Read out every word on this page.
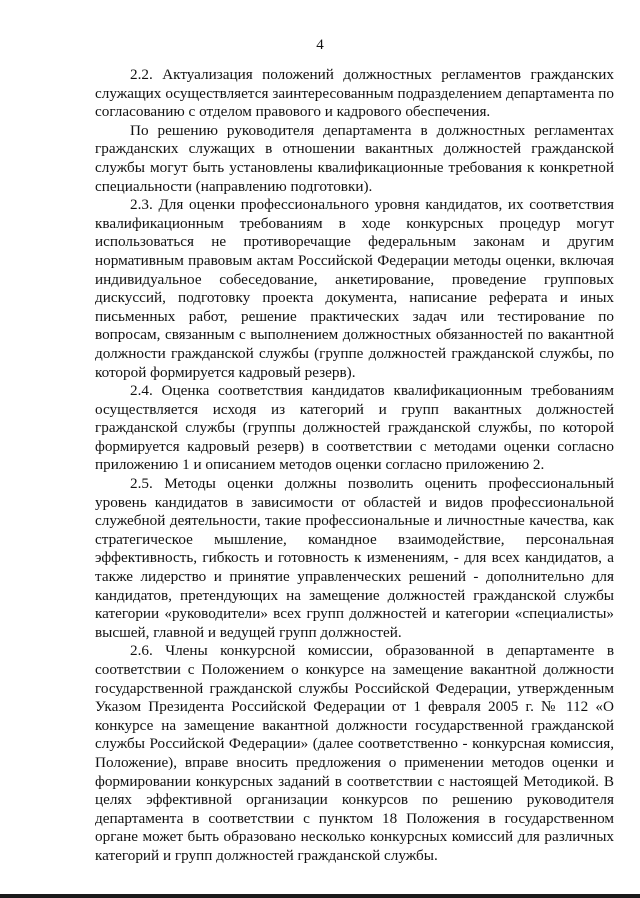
4

2.2. Актуализация положений должностных регламентов гражданских служащих осуществляется заинтересованным подразделением департамента по согласованию с отделом правового и кадрового обеспечения.

По решению руководителя департамента в должностных регламентах гражданских служащих в отношении вакантных должностей гражданской службы могут быть установлены квалификационные требования к конкретной специальности (направлению подготовки).

2.3. Для оценки профессионального уровня кандидатов, их соответствия квалификационным требованиям в ходе конкурсных процедур могут использоваться не противоречащие федеральным законам и другим нормативным правовым актам Российской Федерации методы оценки, включая индивидуальное собеседование, анкетирование, проведение групповых дискуссий, подготовку проекта документа, написание реферата и иных письменных работ, решение практических задач или тестирование по вопросам, связанным с выполнением должностных обязанностей по вакантной должности гражданской службы (группе должностей гражданской службы, по которой формируется кадровый резерв).

2.4. Оценка соответствия кандидатов квалификационным требованиям осуществляется исходя из категорий и групп вакантных должностей гражданской службы (группы должностей гражданской службы, по которой формируется кадровый резерв) в соответствии с методами оценки согласно приложению 1 и описанием методов оценки согласно приложению 2.

2.5. Методы оценки должны позволить оценить профессиональный уровень кандидатов в зависимости от областей и видов профессиональной служебной деятельности, такие профессиональные и личностные качества, как стратегическое мышление, командное взаимодействие, персональная эффективность, гибкость и готовность к изменениям, - для всех кандидатов, а также лидерство и принятие управленческих решений - дополнительно для кандидатов, претендующих на замещение должностей гражданской службы категории «руководители» всех групп должностей и категории «специалисты» высшей, главной и ведущей групп должностей.

2.6. Члены конкурсной комиссии, образованной в департаменте в соответствии с Положением о конкурсе на замещение вакантной должности государственной гражданской службы Российской Федерации, утвержденным Указом Президента Российской Федерации от 1 февраля 2005 г. № 112 «О конкурсе на замещение вакантной должности государственной гражданской службы Российской Федерации» (далее соответственно - конкурсная комиссия, Положение), вправе вносить предложения о применении методов оценки и формировании конкурсных заданий в соответствии с настоящей Методикой. В целях эффективной организации конкурсов по решению руководителя департамента в соответствии с пунктом 18 Положения в государственном органе может быть образовано несколько конкурсных комиссий для различных категорий и групп должностей гражданской службы.
